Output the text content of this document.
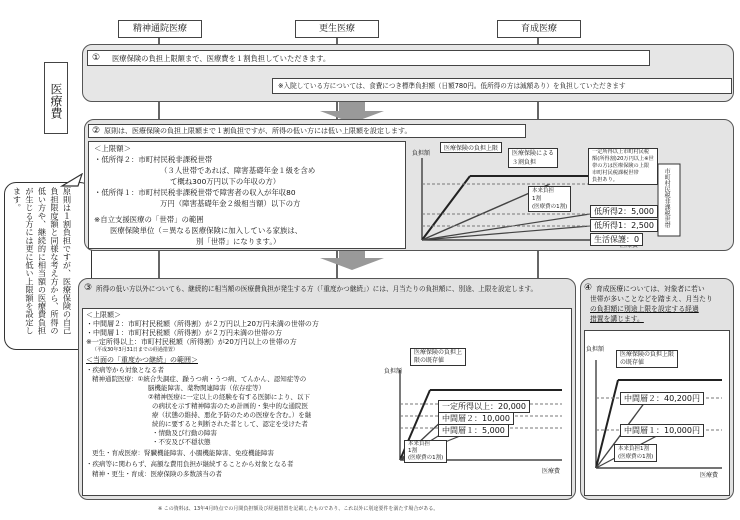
精神通院医療	更生医療	育成医療
医療費
原則は１割負担ですが、医療保険の自己負担限度額と同様な考え方から、所得の低い方や、継続的に相当額の医療費負担が生じる方には更に低い上限額を設定します。

① 医療保険の負担上限額まで、医療費を１割負担していただきます。

※入院している方については、食費につき標準負担額（日額780円。低所得の方は減額あり）を負担していただきます

② 原則は、医療保険の負担上限額まで１割負担ですが、所得の低い方には低い上限額を設定します。

＜上限額＞

・低所得２：市町村民税非課税世帯

（３人世帯であれば、障害基礎年金１級を含め

て概ね300万円以下の年収の方）

・低所得１：市町村民税非課税世帯で障害者の収入が年収80

万円（障害基礎年金２級相当額）以下の方

※自立支援医療の「世帯」の範囲

医療保険単位（＝異なる医療保険に加入している家族は、

別「世帯」になります。）

負担額

医療保険の負担上限
医療保険による
３割負担
一定所得以上市町村民税
額(所得割)20万円以上※世
帯の方は医療保険の上限
市町村民税課税世帯
負担あり。
本来負担
1割
(医療費の1割)	市町村民税非課税世帯

低所得2：5,000
低所得1：2,500
生活保護：0

③ 所得の低い方以外についても、継続的に相当額の医療費負担が発生する方（「重度かつ継続」）には、月当たりの負担額に、別途、上限を設定します。

＜上限額＞

・中間層２：市町村民税額（所得割）が２万円以上20万円未満の世帯の方

・中間層１：市町村民税額（所得割）が２万円未満の世帯の方

※一定所得以上：市町村民税額（所得割）が20万円以上の世帯の方

（平成30年3月31日までの経過措置）

＜当面の「重度かつ継続」の範囲＞

・疾病等から対象となる者

精神通院医療：①統合失調症、躁うつ病・うつ病、てんかん、認知症等の

脳機能障害、薬物関連障害（依存症等）

②精神医療に一定以上の経験を有する医師により、以下

の病状を示す精神障害のため計画的・集中的な通院医

療（状態の維持、悪化予防のための医療を含む。）を継

続的に要すると判断された者として、認定を受けた者

・情動及び行動の障害

・不安及び不穏状態

更生・育成医療：腎臓機能障害、小腸機能障害、免疫機能障害

・疾病等に関わらず、高額な費用負担が継続することから対象となる者

精神・更生・育成：医療保険の多数該当の者

負担額

医療費

医療保険の負担上
限の既存値
一定所得以上：20,000
中間層２：10,000
中間層１：5,000
本来負担
1割
(医療費の1割)

④ 育成医療については、対象者に若い

世帯が多いことなどを踏まえ、月当たり

の負担額に別途上限を設定する経過

措置を講じます。

負担額

医療費

医療保険の負担上限
の既存値
中間層２：40,200円
中間層１：10,000円
本来負担1割
(医療費の1割)

※ この資料は、13年4月時点での月間負担額及び経過措置を記載したものであり、これ以外に別途要件を満たす場合がある。
